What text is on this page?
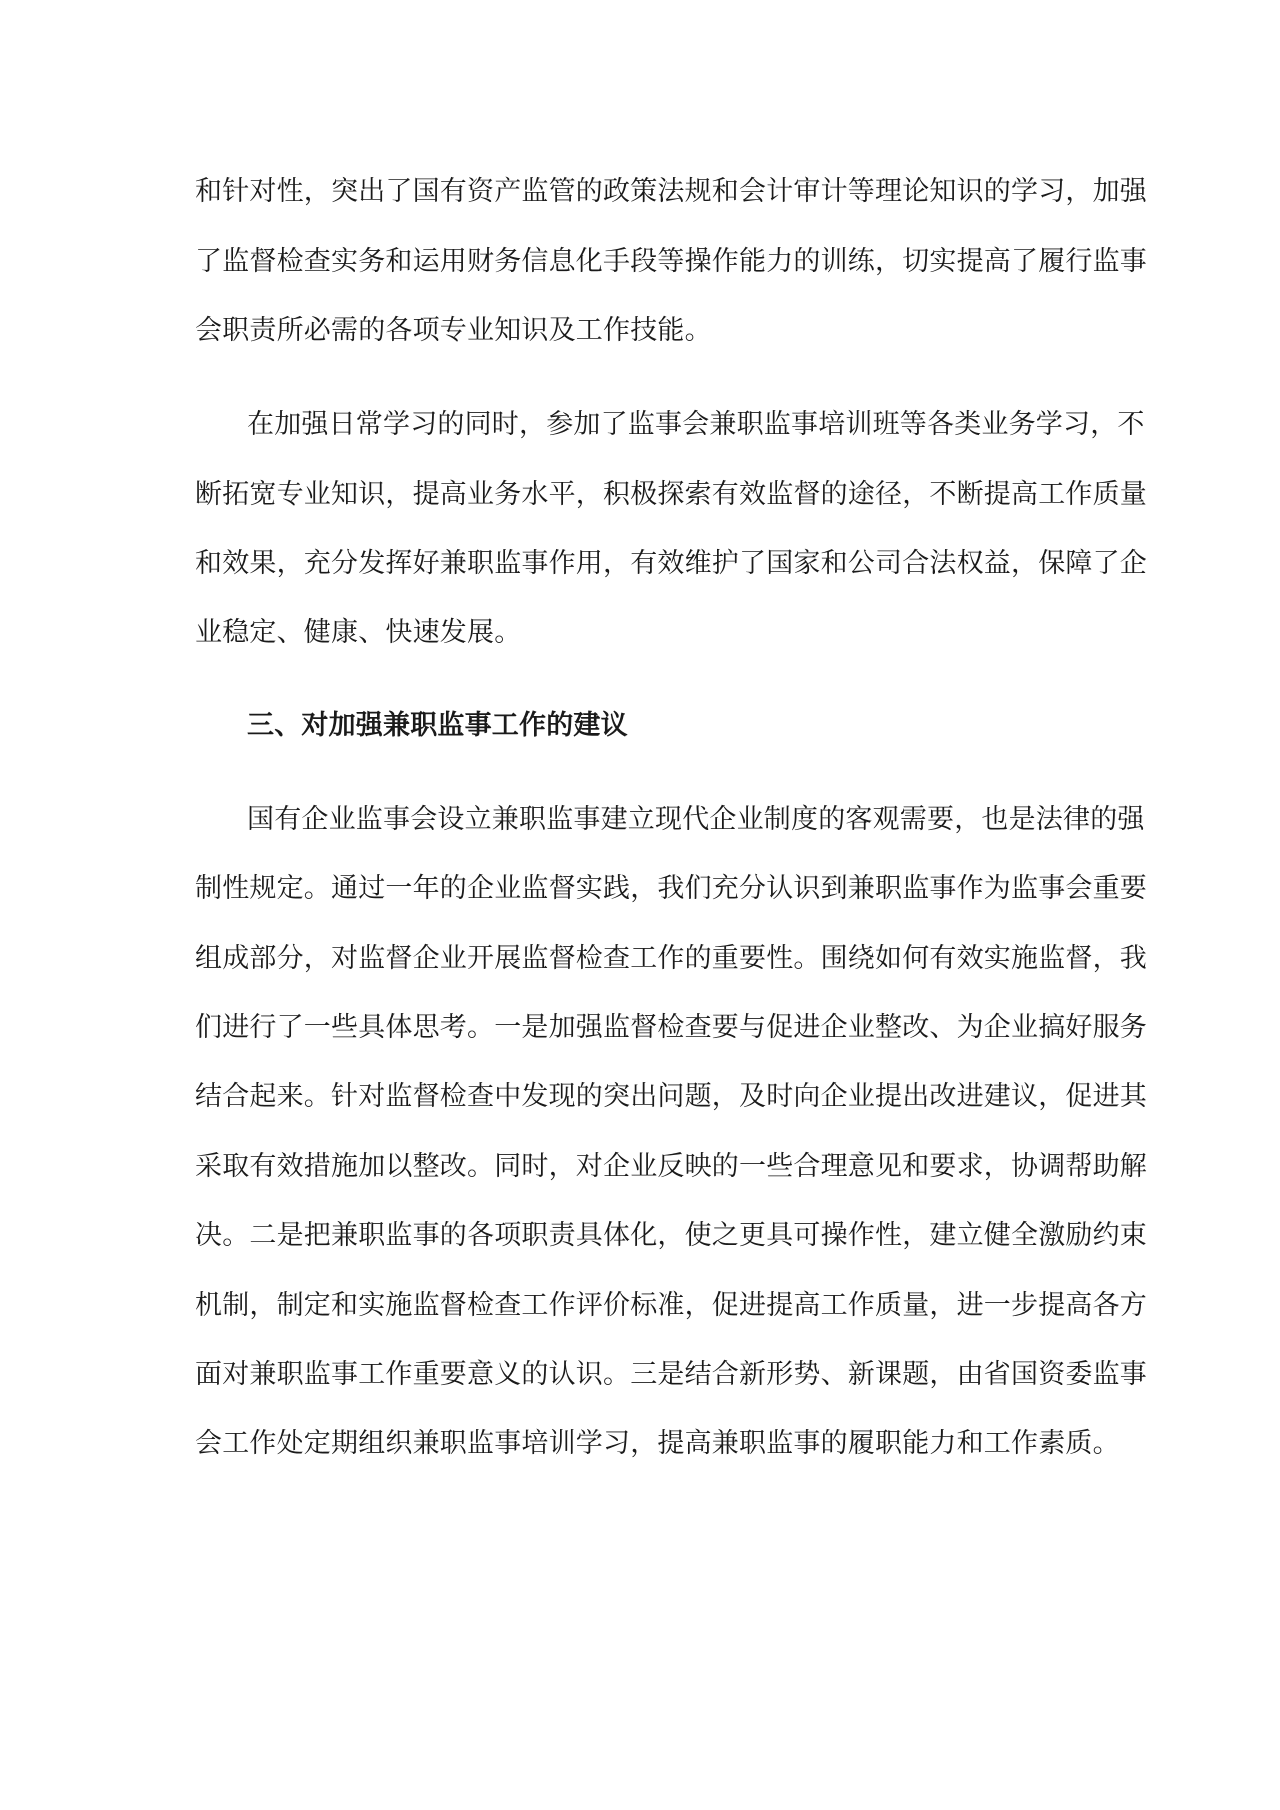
和针对性，突出了国有资产监管的政策法规和会计审计等理论知识的学习，加强
了监督检查实务和运用财务信息化手段等操作能力的训练，切实提高了履行监事
会职责所必需的各项专业知识及工作技能。
在加强日常学习的同时，参加了监事会兼职监事培训班等各类业务学习，不
断拓宽专业知识，提高业务水平，积极探索有效监督的途径，不断提高工作质量
和效果，充分发挥好兼职监事作用，有效维护了国家和公司合法权益，保障了企
业稳定、健康、快速发展。
三、对加强兼职监事工作的建议
国有企业监事会设立兼职监事建立现代企业制度的客观需要，也是法律的强
制性规定。通过一年的企业监督实践，我们充分认识到兼职监事作为监事会重要
组成部分，对监督企业开展监督检查工作的重要性。围绕如何有效实施监督，我
们进行了一些具体思考。一是加强监督检查要与促进企业整改、为企业搞好服务
结合起来。针对监督检查中发现的突出问题，及时向企业提出改进建议，促进其
采取有效措施加以整改。同时，对企业反映的一些合理意见和要求，协调帮助解
决。二是把兼职监事的各项职责具体化，使之更具可操作性，建立健全激励约束
机制，制定和实施监督检查工作评价标准，促进提高工作质量，进一步提高各方
面对兼职监事工作重要意义的认识。三是结合新形势、新课题，由省国资委监事
会工作处定期组织兼职监事培训学习，提高兼职监事的履职能力和工作素质。
